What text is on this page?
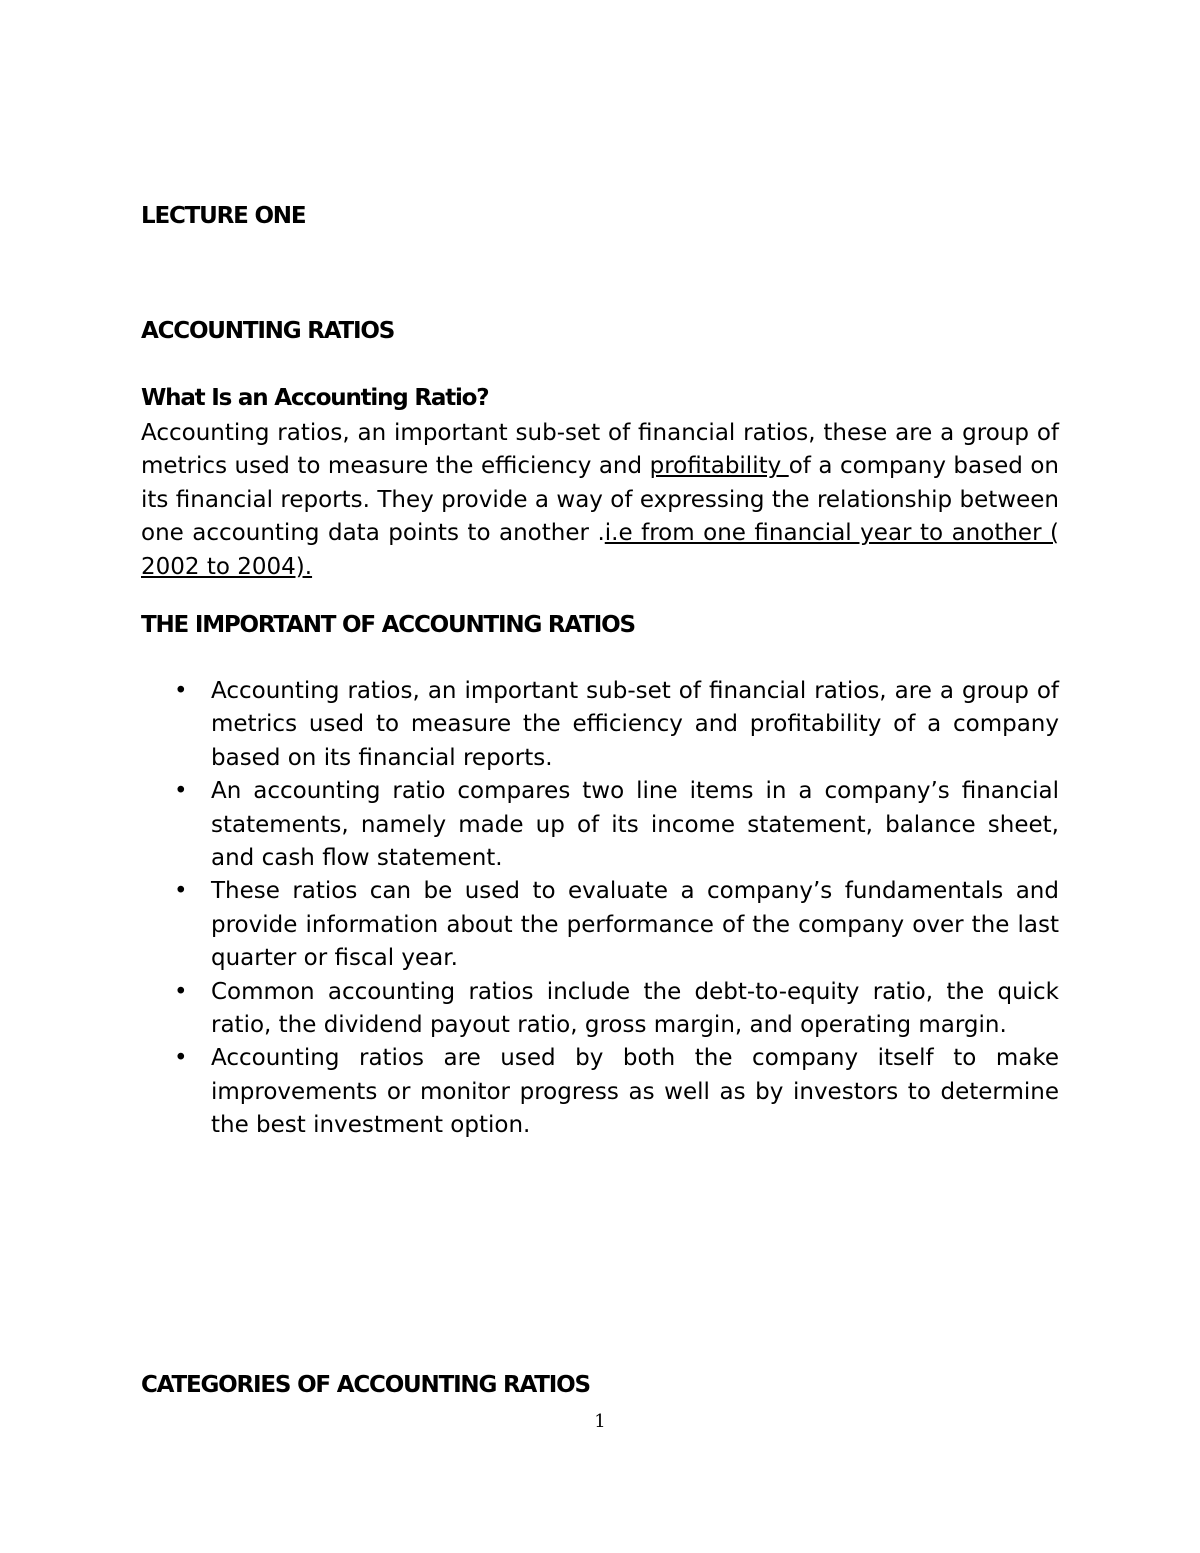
LECTURE ONE
ACCOUNTING RATIOS
What Is an Accounting Ratio?

Accounting ratios, an important sub-set of financial ratios, these are a group of metrics used to measure the efficiency and profitability of a company based on its financial reports. They provide a way of expressing the relationship between one accounting data points to another .i.e from one financial year to another ( 2002 to 2004).

THE IMPORTANT OF ACCOUNTING RATIOS
• Accounting ratios, an important sub-set of financial ratios, are a group of metrics used to measure the efficiency and profitability of a company based on its financial reports.
• An accounting ratio compares two line items in a company’s financial statements, namely made up of its income statement, balance sheet, and cash flow statement.
• These ratios can be used to evaluate a company’s fundamentals and provide information about the performance of the company over the last quarter or fiscal year.
• Common accounting ratios include the debt-to-equity ratio, the quick ratio, the dividend payout ratio, gross margin, and operating margin.
• Accounting ratios are used by both the company itself to make improvements or monitor progress as well as by investors to determine the best investment option.
CATEGORIES OF ACCOUNTING RATIOS
1
